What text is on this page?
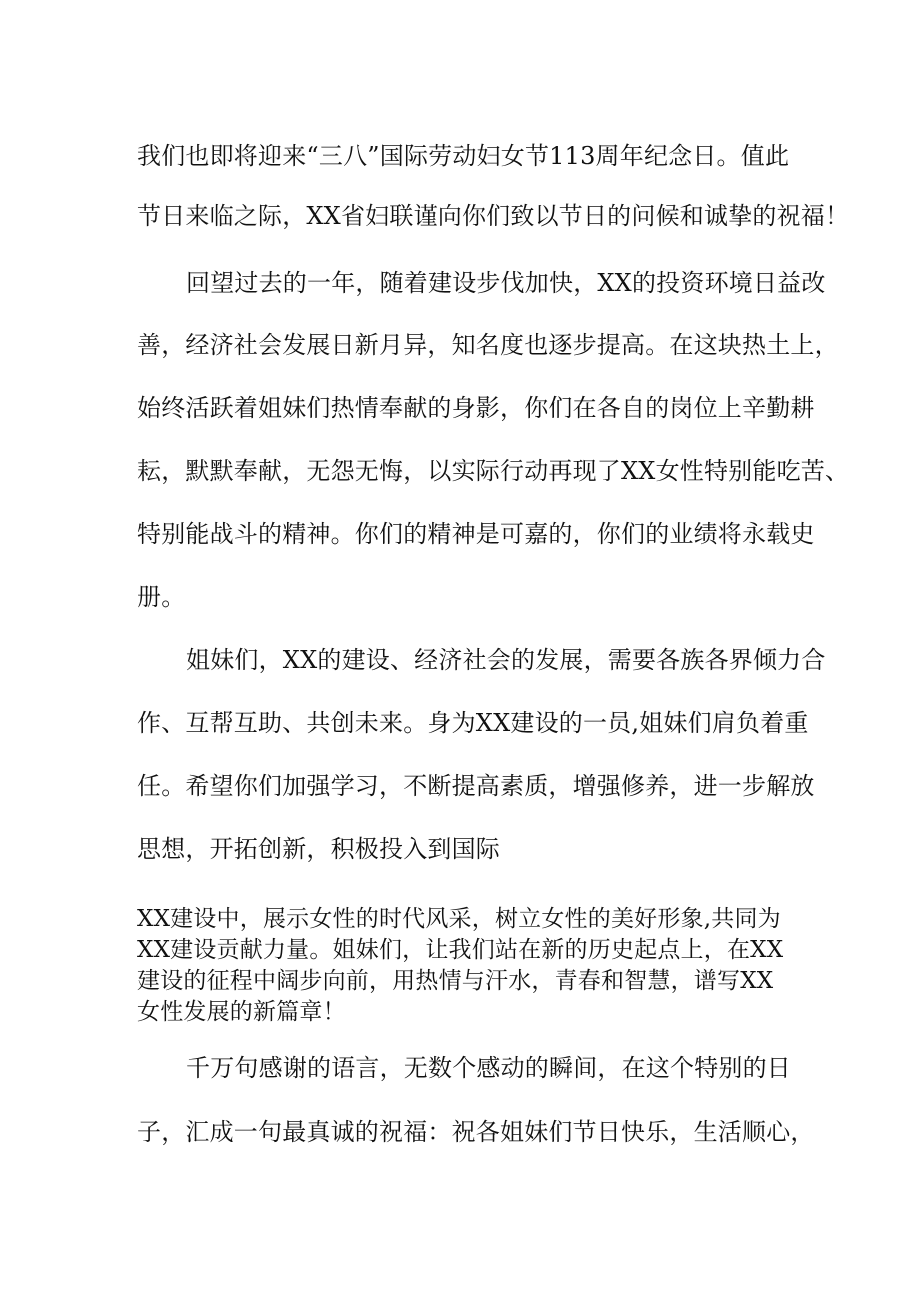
我们也即将迎来“三八”国际劳动妇女节113周年纪念日。值此
节日来临之际，XX省妇联谨向你们致以节日的问候和诚挚的祝福！
回望过去的一年，随着建设步伐加快，XX的投资环境日益改
善，经济社会发展日新月异，知名度也逐步提高。在这块热土上，
始终活跃着姐妹们热情奉献的身影，你们在各自的岗位上辛勤耕
耘，默默奉献，无怨无悔，以实际行动再现了XX女性特别能吃苦、
特别能战斗的精神。你们的精神是可嘉的，你们的业绩将永载史
册。
姐妹们，XX的建设、经济社会的发展，需要各族各界倾力合
作、互帮互助、共创未来。身为XX建设的一员,姐妹们肩负着重
任。希望你们加强学习，不断提高素质，增强修养，进一步解放
思想，开拓创新，积极投入到国际
XX建设中，展示女性的时代风采，树立女性的美好形象,共同为
XX建设贡献力量。姐妹们，让我们站在新的历史起点上，在XX
建设的征程中阔步向前，用热情与汗水，青春和智慧，谱写XX
女性发展的新篇章！
千万句感谢的语言，无数个感动的瞬间，在这个特别的日
子，汇成一句最真诚的祝福：祝各姐妹们节日快乐，生活顺心，
